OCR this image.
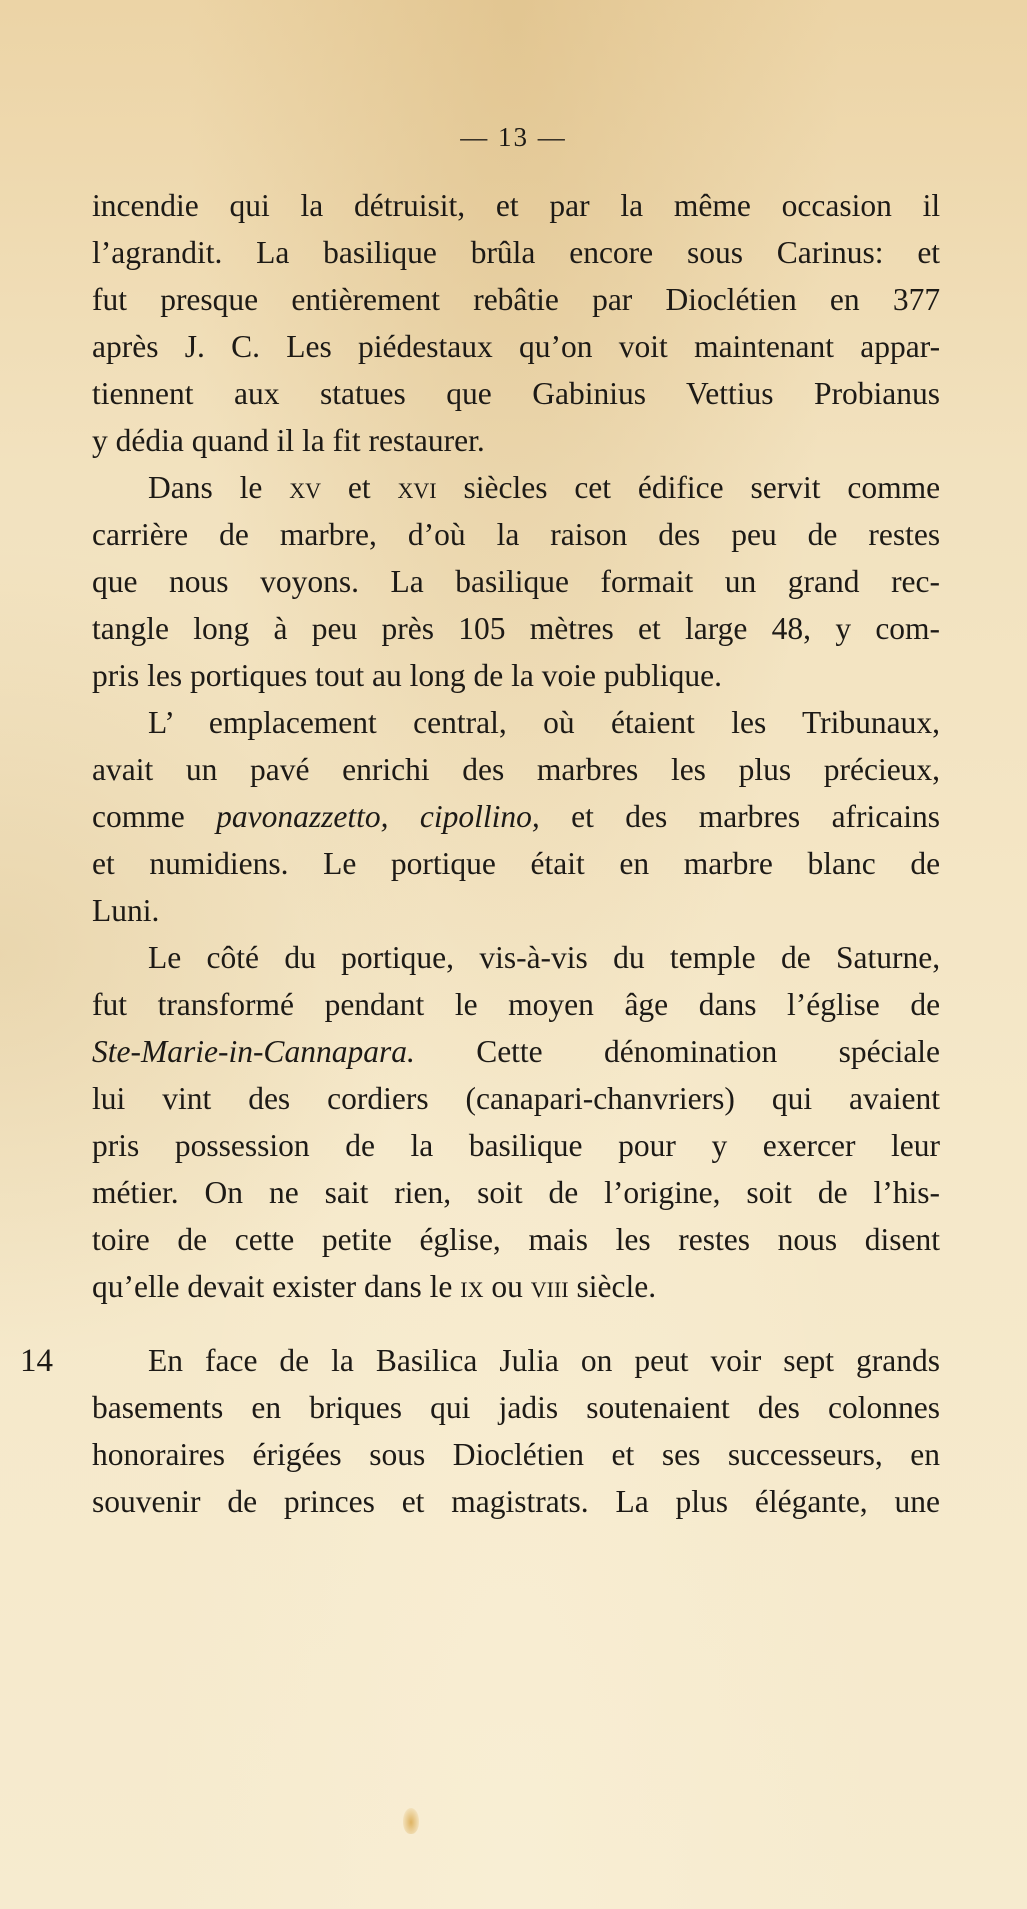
— 13 —
incendie qui la détruisit, et par la même occasion il
l’agrandit. La basilique brûla encore sous Carinus: et
fut presque entièrement rebâtie par Dioclétien en 377
après J. C. Les piédestaux qu’on voit maintenant appar-
tiennent aux statues que Gabinius Vettius Probianus
y dédia quand il la fit restaurer.
Dans le xv et xvi siècles cet édifice servit comme
carrière de marbre, d’où la raison des peu de restes
que nous voyons. La basilique formait un grand rec-
tangle long à peu près 105 mètres et large 48, y com-
pris les portiques tout au long de la voie publique.
L’ emplacement central, où étaient les Tribunaux,
avait un pavé enrichi des marbres les plus précieux,
comme pavonazzetto, cipollino, et des marbres africains
et numidiens. Le portique était en marbre blanc de
Luni.
Le côté du portique, vis-à-vis du temple de Saturne,
fut transformé pendant le moyen âge dans l’église de
Ste-Marie-in-Cannapara. Cette dénomination spéciale
lui vint des cordiers (canapari-chanvriers) qui avaient
pris possession de la basilique pour y exercer leur
métier. On ne sait rien, soit de l’origine, soit de l’his-
toire de cette petite église, mais les restes nous disent
qu’elle devait exister dans le ix ou viii siècle.
14	En face de la Basilica Julia on peut voir sept grands
basements en briques qui jadis soutenaient des colonnes
honoraires érigées sous Dioclétien et ses successeurs, en
souvenir de princes et magistrats. La plus élégante, une
